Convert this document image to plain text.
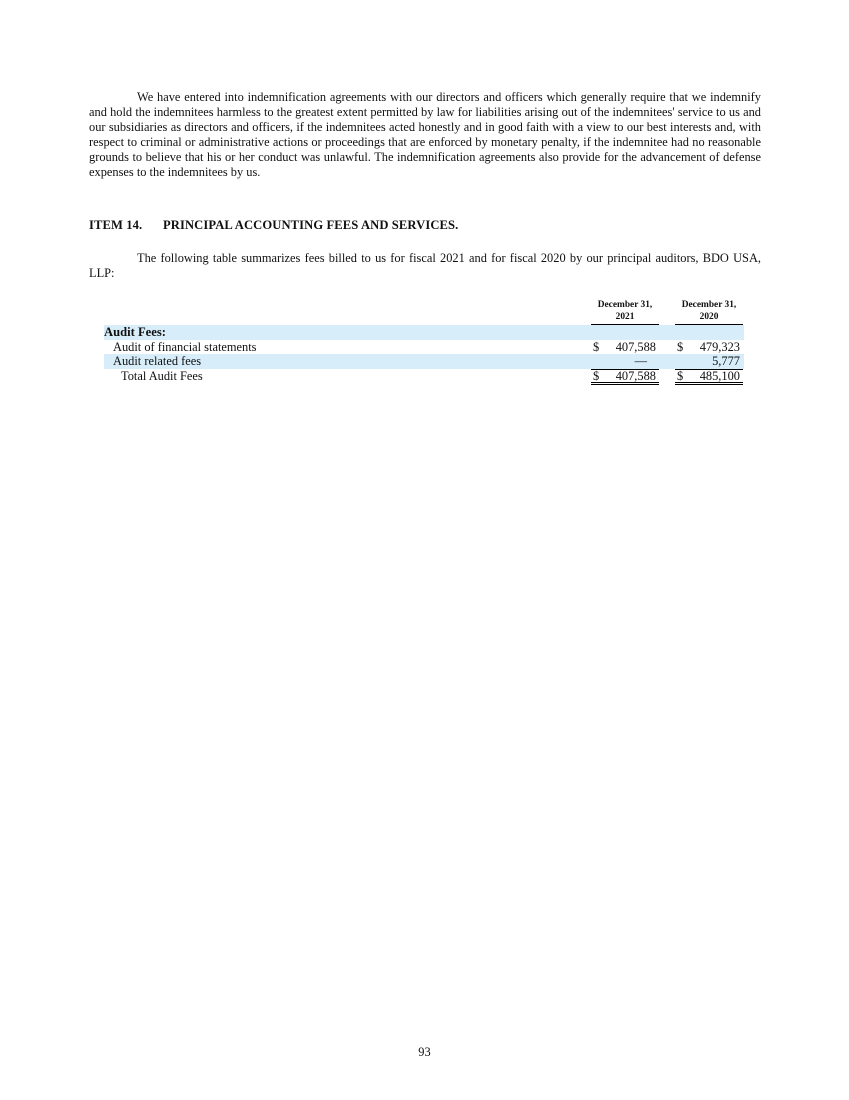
We have entered into indemnification agreements with our directors and officers which generally require that we indemnify and hold the indemnitees harmless to the greatest extent permitted by law for liabilities arising out of the indemnitees' service to us and our subsidiaries as directors and officers, if the indemnitees acted honestly and in good faith with a view to our best interests and, with respect to criminal or administrative actions or proceedings that are enforced by monetary penalty, if the indemnitee had no reasonable grounds to believe that his or her conduct was unlawful. The indemnification agreements also provide for the advancement of defense expenses to the indemnitees by us.

ITEM 14. PRINCIPAL ACCOUNTING FEES AND SERVICES.

The following table summarizes fees billed to us for fiscal 2021 and for fiscal 2020 by our principal auditors, BDO USA, LLP:

December 31,
2021
December 31,
2020
Audit Fees:
Audit of financial statements	$ 407,588 $ 479,323
Audit related fees	—	5,777
Total Audit Fees	$ 407,588 $ 485,100
93
